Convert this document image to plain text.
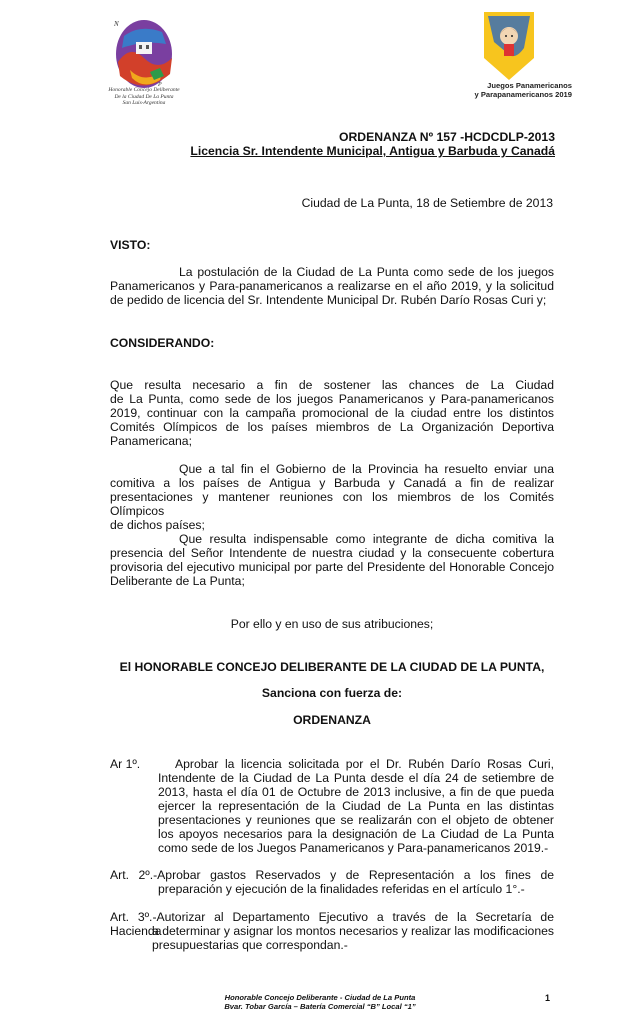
N
P
Honorable Concejo Deliberante
De la Ciudad De La Punta
San Luis-Argentina
Juegos Panamericanos
y Parapanamericanos 2019
ORDENANZA Nº 157 -HCDCDLP-2013
Licencia Sr. Intendente Municipal, Antigua y Barbuda y Canadá
Ciudad de La Punta, 18 de Setiembre de 2013
VISTO:
La postulación de la Ciudad de La Punta como sede de los juegos
Panamericanos y Para-panamericanos a realizarse en el año 2019, y la solicitud
de pedido de licencia del Sr. Intendente Municipal Dr. Rubén Darío Rosas Curi y;
CONSIDERANDO:
Que resulta necesario a fin de sostener las chances de La Ciudad
de La Punta, como sede de los juegos Panamericanos y Para-panamericanos
2019, continuar con la campaña promocional de la ciudad entre los distintos
Comités Olímpicos de los países miembros de La Organización Deportiva
Panamericana;
Que a tal fin el Gobierno de la Provincia ha resuelto enviar una
comitiva a los países de Antigua y Barbuda y Canadá a fin de realizar
presentaciones y mantener reuniones con los miembros de los Comités Olímpicos
de dichos países;
Que resulta indispensable como integrante de dicha comitiva la
presencia del Señor Intendente de nuestra ciudad y la consecuente cobertura
provisoria del ejecutivo municipal por parte del Presidente del Honorable Concejo
Deliberante de La Punta;
Por ello y en uso de sus atribuciones;
El HONORABLE CONCEJO DELIBERANTE DE LA CIUDAD DE LA PUNTA,
Sanciona con fuerza de:
ORDENANZA
Ar 1º.	Aprobar la licencia solicitada por el Dr. Rubén Darío Rosas Curi,
Intendente de la Ciudad de La Punta desde el día 24 de setiembre de
2013, hasta el día 01 de Octubre de 2013 inclusive, a fin de que pueda
ejercer la representación de la Ciudad de La Punta en las distintas
presentaciones y reuniones que se realizarán con el objeto de obtener
los apoyos necesarios para la designación de La Ciudad de La Punta
como sede de los Juegos Panamericanos y Para-panamericanos 2019.-
Art. 2º.-Aprobar gastos Reservados y de Representación a los fines de
preparación y ejecución de la finalidades referidas en el artículo 1°.-
Art. 3º.-Autorizar al Departamento Ejecutivo a través de la Secretaría de Hacienda
a determinar y asignar los montos necesarios y realizar las modificaciones
presupuestarias que correspondan.-
Honorable Concejo Deliberante - Ciudad de La Punta
Bvar. Tobar García – Batería Comercial “B” Local “1”
1
